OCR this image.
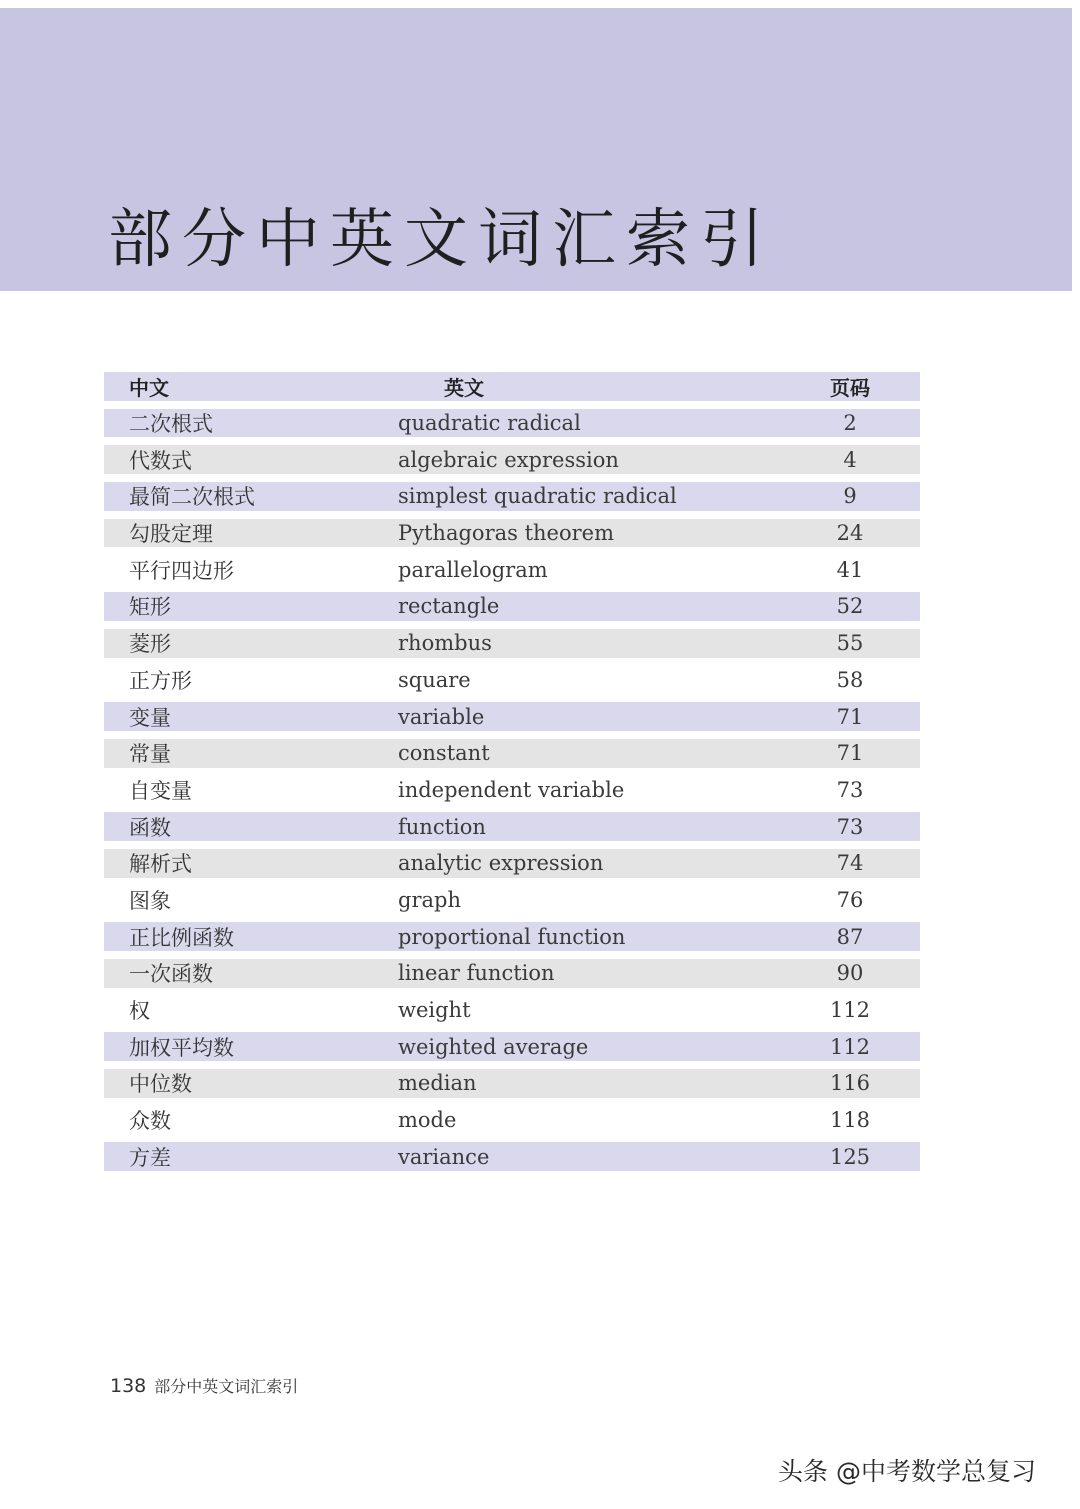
部分中英文词汇索引
中文	英文	页码
二次根式	quadratic radical	2
代数式	algebraic expression	4
最简二次根式	simplest quadratic radical	9
勾股定理	Pythagoras theorem	24
平行四边形	parallelogram	41
矩形	rectangle	52
菱形	rhombus	55
正方形	square	58
变量	variable	71
常量	constant	71
自变量	independent variable	73
函数	function	73
解析式	analytic expression	74
图象	graph	76
正比例函数	proportional function	87
一次函数	linear function	90
权	weight	112
加权平均数	weighted average	112
中位数	median	116
众数	mode	118
方差	variance	125
138 部分中英文词汇索引
头条 @中考数学总复习
